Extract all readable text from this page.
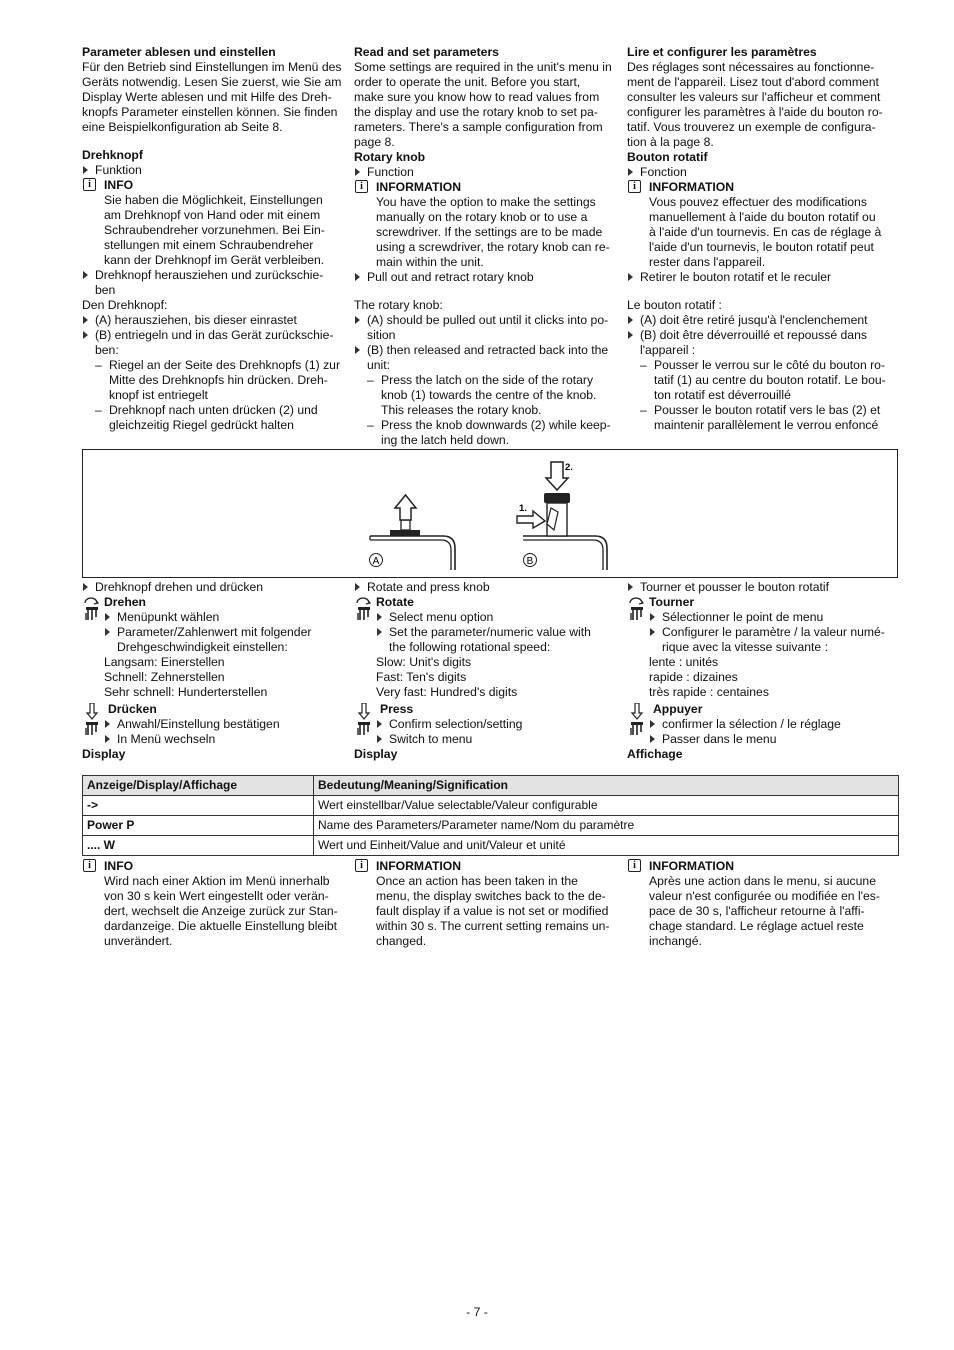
Parameter ablesen und einstellen

Für den Betrieb sind Einstellungen im Menü des

Geräts notwendig. Lesen Sie zuerst, wie Sie am

Display Werte ablesen und mit Hilfe des Dreh-

knopfs Parameter einstellen können. Sie finden

eine Beispielkonfiguration ab Seite 8.

Drehknopf

Funktion

i	INFO

Sie haben die Möglichkeit, Einstellungen

am Drehknopf von Hand oder mit einem

Schraubendreher vorzunehmen. Bei Ein-

stellungen mit einem Schraubendreher

kann der Drehknopf im Gerät verbleiben.

Drehknopf herausziehen und zurückschie-

ben

Den Drehknopf:

(A) herausziehen, bis dieser einrastet

(B) entriegeln und in das Gerät zurückschie-

ben:

– Riegel an der Seite des Drehknopfs (1) zur

Mitte des Drehknopfs hin drücken. Dreh-

knopf ist entriegelt

– Drehknopf nach unten drücken (2) und

gleichzeitig Riegel gedrückt halten

Read and set parameters

Some settings are required in the unit's menu in

order to operate the unit. Before you start,

make sure you know how to read values from

the display and use the rotary knob to set pa-

rameters. There's a sample configuration from

page 8.

Rotary knob

Function

i	INFORMATION

You have the option to make the settings

manually on the rotary knob or to use a

screwdriver. If the settings are to be made

using a screwdriver, the rotary knob can re-

main within the unit.

Pull out and retract rotary knob

The rotary knob:

(A) should be pulled out until it clicks into po-

sition

(B) then released and retracted back into the

unit:

– Press the latch on the side of the rotary

knob (1) towards the centre of the knob.

This releases the rotary knob.

– Press the knob downwards (2) while keep-

ing the latch held down.

Lire et configurer les paramètres

Des réglages sont nécessaires au fonctionne-

ment de l'appareil. Lisez tout d'abord comment

consulter les valeurs sur l'afficheur et comment

configurer les paramètres à l'aide du bouton ro-

tatif. Vous trouverez un exemple de configura-

tion à la page 8.

Bouton rotatif

Fonction

i	INFORMATION

Vous pouvez effectuer des modifications

manuellement à l'aide du bouton rotatif ou

à l'aide d'un tournevis. En cas de réglage à

l'aide d'un tournevis, le bouton rotatif peut

rester dans l'appareil.

Retirer le bouton rotatif et le reculer

Le bouton rotatif :

(A) doit être retiré jusqu'à l'enclenchement

(B) doit être déverrouillé et repoussé dans

l'appareil :

– Pousser le verrou sur le côté du bouton ro-

tatif (1) au centre du bouton rotatif. Le bou-

ton rotatif est déverrouillé

– Pousser le bouton rotatif vers le bas (2) et

maintenir parallèlement le verrou enfoncé

A
2.
1.
B

Drehknopf drehen und drücken

Drehen

Menüpunkt wählen

Parameter/Zahlenwert mit folgender

Drehgeschwindigkeit einstellen:

Langsam: Einerstellen

Schnell: Zehnerstellen

Sehr schnell: Hunderterstellen

Drücken

Anwahl/Einstellung bestätigen

In Menü wechseln

Display

Rotate and press knob

Rotate

Select menu option

Set the parameter/numeric value with

the following rotational speed:

Slow: Unit's digits

Fast: Ten's digits

Very fast: Hundred's digits

Press

Confirm selection/setting

Switch to menu

Display

Tourner et pousser le bouton rotatif

Tourner

Sélectionner le point de menu

Configurer le paramètre / la valeur numé-

rique avec la vitesse suivante :

lente : unités

rapide : dizaines

très rapide : centaines

Appuyer

confirmer la sélection / le réglage

Passer dans le menu

Affichage

Anzeige/Display/Affichage	Bedeutung/Meaning/Signification
->	Wert einstellbar/Value selectable/Valeur configurable
Power P	Name des Parameters/Parameter name/Nom du paramètre
.... W	Wert und Einheit/Value and unit/Valeur et unité

i	INFO

Wird nach einer Aktion im Menü innerhalb

von 30 s kein Wert eingestellt oder verän-

dert, wechselt die Anzeige zurück zur Stan-

dardanzeige. Die aktuelle Einstellung bleibt

unverändert.

i	INFORMATION

Once an action has been taken in the

menu, the display switches back to the de-

fault display if a value is not set or modified

within 30 s. The current setting remains un-

changed.

i	INFORMATION

Après une action dans le menu, si aucune

valeur n'est configurée ou modifiée en l'es-

pace de 30 s, l'afficheur retourne à l'affi-

chage standard. Le réglage actuel reste

inchangé.

- 7 -
